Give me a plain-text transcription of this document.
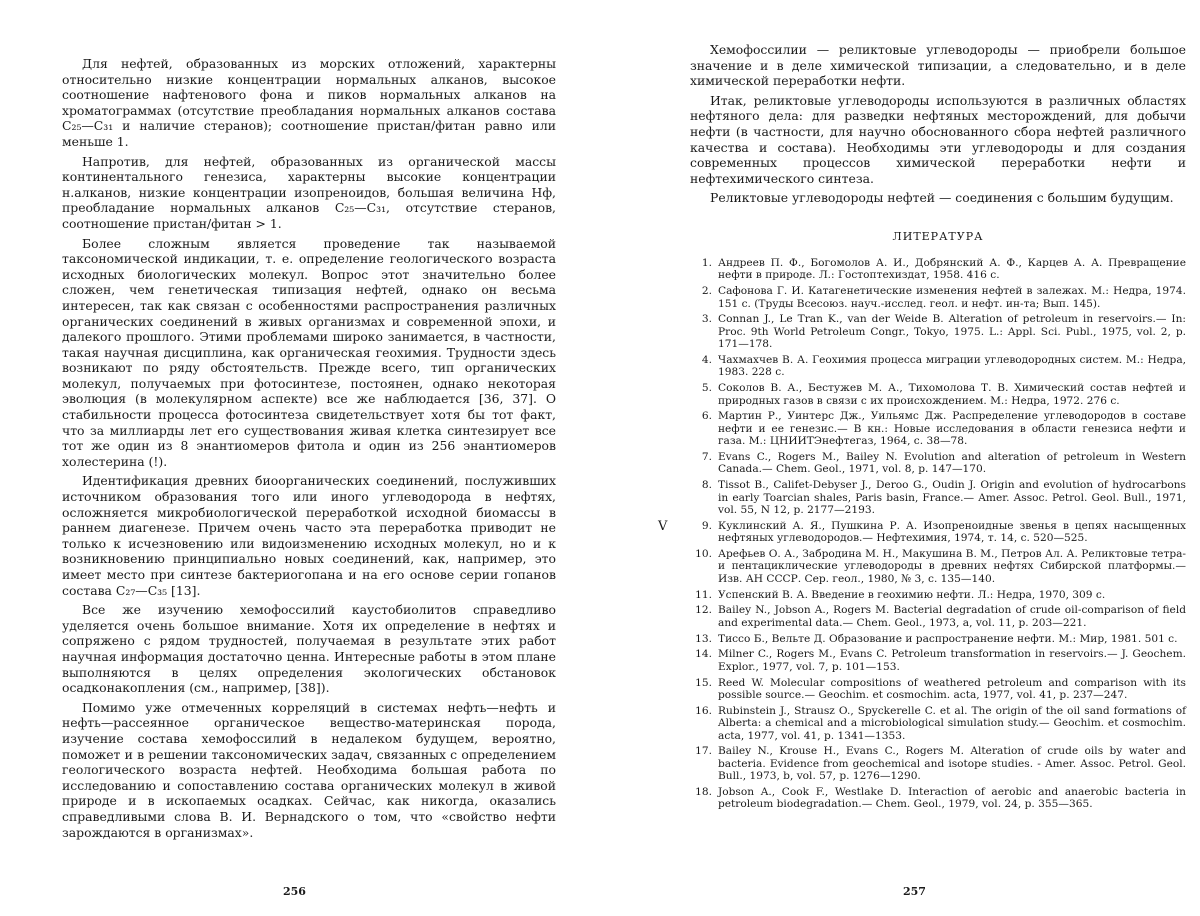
Для нефтей, образованных из морских отложений, характерны относительно низкие концентрации нормальных алканов, высокое соотношение нафтенового фона и пиков нормальных алканов на хроматограммах (отсутствие преобладания нормальных алканов состава C₂₅—C₃₁ и наличие стеранов); соотношение пристан/фитан равно или меньше 1.

Напротив, для нефтей, образованных из органической массы континентального генезиса, характерны высокие концентрации н.алканов, низкие концентрации изопреноидов, большая величина Hф, преобладание нормальных алканов C₂₅—C₃₁, отсутствие стеранов, соотношение пристан/фитан > 1.

Более сложным является проведение так называемой таксономической индикации, т. е. определение геологического возраста исходных биологических молекул. Вопрос этот значительно более сложен, чем генетическая типизация нефтей, однако он весьма интересен, так как связан с особенностями распространения различных органических соединений в живых организмах и современной эпохи, и далекого прошлого. Этими проблемами широко занимается, в частности, такая научная дисциплина, как органическая геохимия. Трудности здесь возникают по ряду обстоятельств. Прежде всего, тип органических молекул, получаемых при фотосинтезе, постоянен, однако некоторая эволюция (в молекулярном аспекте) все же наблюдается [36, 37]. О стабильности процесса фотосинтеза свидетельствует хотя бы тот факт, что за миллиарды лет его существования живая клетка синтезирует все тот же один из 8 энантиомеров фитола и один из 256 энантиомеров холестерина (!).

Идентификация древних биоорганических соединений, послуживших источником образования того или иного углеводорода в нефтях, осложняется микробиологической переработкой исходной биомассы в раннем диагенезе. Причем очень часто эта переработка приводит не только к исчезновению или видоизменению исходных молекул, но и к возникновению принципиально новых соединений, как, например, это имеет место при синтезе бактериогопана и на его основе серии гопанов состава C₂₇—C₃₅ [13].

Все же изучению хемофоссилий каустобиолитов справедливо уделяется очень большое внимание. Хотя их определение в нефтях и сопряжено с рядом трудностей, получаемая в результате этих работ научная информация достаточно ценна. Интересные работы в этом плане выполняются в целях определения экологических обстановок осадконакопления (см., например, [38]).

Помимо уже отмеченных корреляций в системах нефть—нефть и нефть—рассеянное органическое вещество-материнская порода, изучение состава хемофоссилий в недалеком будущем, вероятно, поможет и в решении таксономических задач, связанных с определением геологического возраста нефтей. Необходима большая работа по исследованию и сопоставлению состава органических молекул в живой природе и в ископаемых осадках. Сейчас, как никогда, оказались справедливыми слова В. И. Вернадского о том, что «свойство нефти зарождаются в организмах».

256

Хемофоссилии — реликтовые углеводороды — приобрели большое значение и в деле химической типизации, а следовательно, и в деле химической переработки нефти.

Итак, реликтовые углеводороды используются в различных областях нефтяного дела: для разведки нефтяных месторождений, для добычи нефти (в частности, для научно обоснованного сбора нефтей различного качества и состава). Необходимы эти углеводороды и для создания современных процессов химической переработки нефти и нефтехимического синтеза.

Реликтовые углеводороды нефтей — соединения с большим будущим.

ЛИТЕРАТУРА
1. Андреев П. Ф., Богомолов А. И., Добрянский А. Ф., Карцев А. А. Превращение нефти в природе. Л.: Гостоптехиздат, 1958. 416 с.
2. Сафонова Г. И. Катагенетические изменения нефтей в залежах. М.: Недра, 1974. 151 с. (Труды Всесоюз. науч.-исслед. геол. и нефт. ин-та; Вып. 145).
3. Connan J., Le Tran K., van der Weide B. Alteration of petroleum in reservoirs.— In: Proc. 9th World Petroleum Congr., Tokyo, 1975. L.: Appl. Sci. Publ., 1975, vol. 2, p. 171—178.
4. Чахмахчев В. А. Геохимия процесса миграции углеводородных систем. М.: Недра, 1983. 228 с.
5. Соколов В. А., Бестужев М. А., Тихомолова Т. В. Химический состав нефтей и природных газов в связи с их происхождением. М.: Недра, 1972. 276 с.
6. Мартин Р., Уинтерс Дж., Уильямс Дж. Распределение углеводородов в составе нефти и ее генезис.— В кн.: Новые исследования в области генезиса нефти и газа. М.: ЦНИИТЭнефтегаз, 1964, с. 38—78.
7. Evans C., Rogers M., Bailey N. Evolution and alteration of petroleum in Western Canada.— Chem. Geol., 1971, vol. 8, p. 147—170.
8. Tissot B., Califet-Debyser J., Deroo G., Oudin J. Origin and evolution of hydrocarbons in early Toarcian shales, Paris basin, France.— Amer. Assoc. Petrol. Geol. Bull., 1971, vol. 55, N 12, p. 2177—2193.
9. Куклинский А. Я., Пушкина Р. А. Изопреноидные звенья в цепях насыщенных нефтяных углеводородов.— Нефтехимия, 1974, т. 14, с. 520—525.
10. Арефьев О. А., Забродина М. Н., Макушина В. М., Петров Ал. А. Реликтовые тетра- и пентациклические углеводороды в древних нефтях Сибирской платформы.— Изв. АН СССР. Сер. геол., 1980, № 3, с. 135—140.
11. Успенский В. А. Введение в геохимию нефти. Л.: Недра, 1970, 309 с.
12. Bailey N., Jobson A., Rogers M. Bacterial degradation of crude oil-comparison of field and experimental data.— Chem. Geol., 1973, a, vol. 11, p. 203—221.
13. Тиссо Б., Вельте Д. Образование и распространение нефти. М.: Мир, 1981. 501 с.
14. Milner C., Rogers M., Evans C. Petroleum transformation in reservoirs.— J. Geochem. Explor., 1977, vol. 7, p. 101—153.
15. Reed W. Molecular compositions of weathered petroleum and comparison with its possible source.— Geochim. et cosmochim. acta, 1977, vol. 41, p. 237—247.
16. Rubinstein J., Strausz O., Spyckerelle C. et al. The origin of the oil sand formations of Alberta: a chemical and a microbiological simulation study.— Geochim. et cosmochim. acta, 1977, vol. 41, p. 1341—1353.
17. Bailey N., Krouse H., Evans C., Rogers M. Alteration of crude oils by water and bacteria. Evidence from geochemical and isotope studies. - Amer. Assoc. Petrol. Geol. Bull., 1973, b, vol. 57, p. 1276—1290.
18. Jobson A., Cook F., Westlake D. Interaction of aerobic and anaerobic bacteria in petroleum biodegradation.— Chem. Geol., 1979, vol. 24, p. 355—365.
V
257
